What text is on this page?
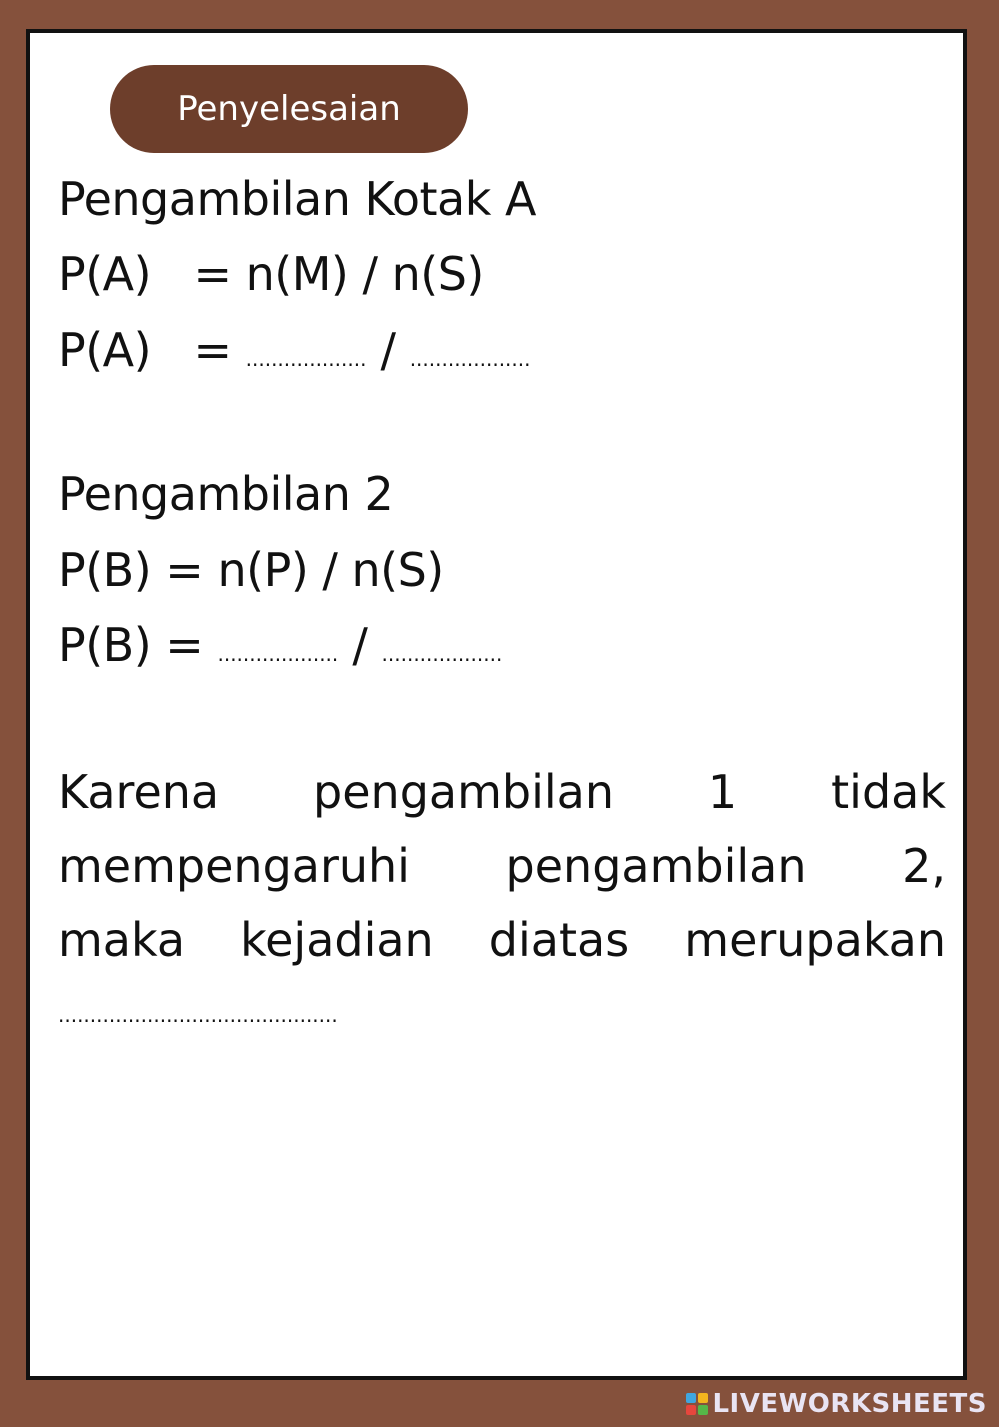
Penyelesaian
Pengambilan Kotak A
P(A)   = n(M) / n(S)
P(A)   = ................... / ...................
Pengambilan 2
P(B) = n(P) / n(S)
P(B) = ................... / ...................
Karena pengambilan 1 tidak
mempengaruhi pengambilan 2,
maka kejadian diatas merupakan
............................................
LIVEWORKSHEETS
